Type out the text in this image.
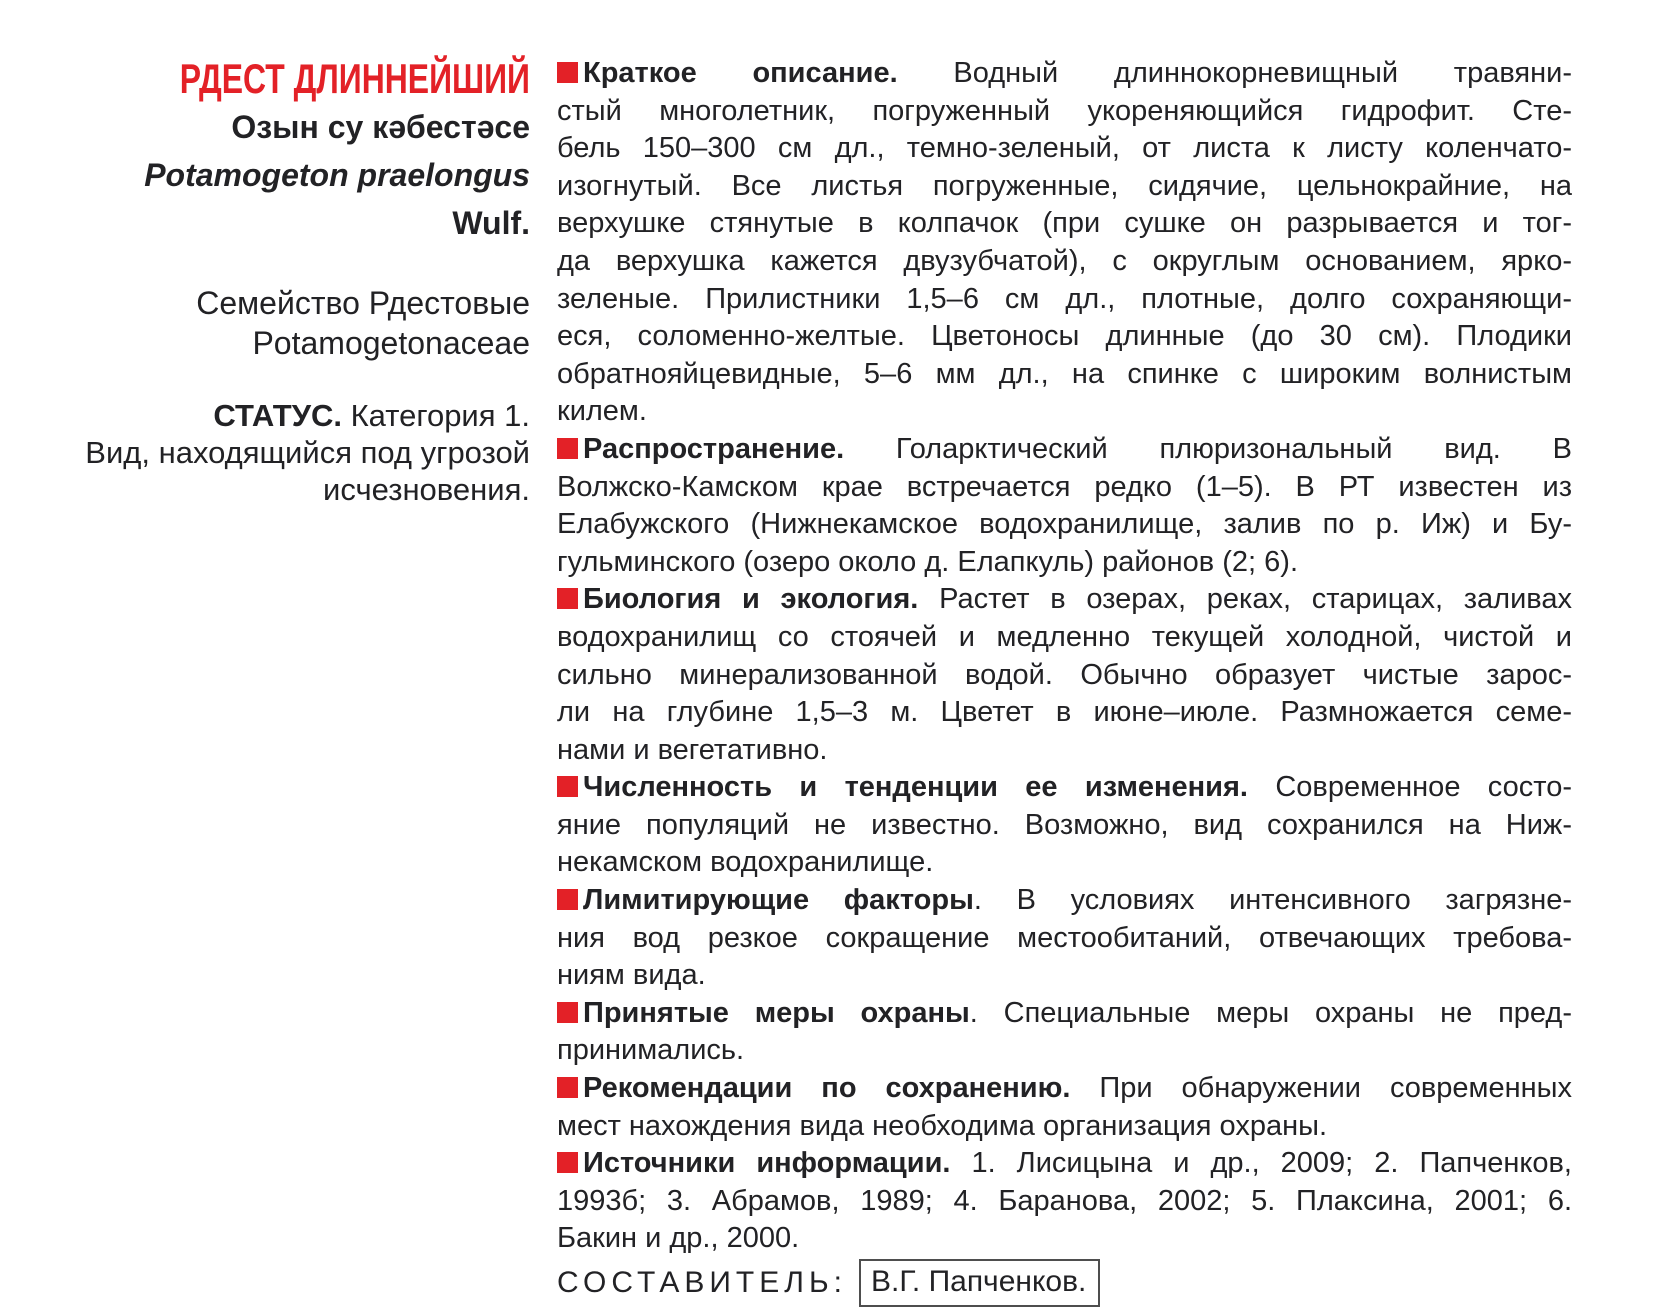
РДЕСТ ДЛИННЕЙШИЙ
Озын су кәбестәсе
Potamogeton praelongus
Wulf.
Семейство Рдестовые
Potamogetonaceae
СТАТУС. Категория 1.
Вид, находящийся под угрозой исчезновения.
Краткое описание. Водный длиннокорневищный травяни-
стый многолетник, погруженный укореняющийся гидрофит. Сте-
бель 150–300 см дл., темно-зеленый, от листа к листу коленчато-
изогнутый. Все листья погруженные, сидячие, цельнокрайние, на
верхушке стянутые в колпачок (при сушке он разрывается и тог-
да верхушка кажется двузубчатой), с округлым основанием, ярко-
зеленые. Прилистники 1,5–6 см дл., плотные, долго сохраняющи-
еся, соломенно-желтые. Цветоносы длинные (до 30 см). Плодики
обратнояйцевидные, 5–6 мм дл., на спинке с широким волнистым
килем.
Распространение. Голарктический плюризональный вид. В
Волжско-Камском крае встречается редко (1–5). В РТ известен из
Елабужского (Нижнекамское водохранилище, залив по р. Иж) и Бу-
гульминского (озеро около д. Елапкуль) районов (2; 6).
Биология и экология. Растет в озерах, реках, старицах, заливах
водохранилищ со стоячей и медленно текущей холодной, чистой и
сильно минерализованной водой. Обычно образует чистые зарос-
ли на глубине 1,5–3 м. Цветет в июне–июле. Размножается семе-
нами и вегетативно.
Численность и тенденции ее изменения. Современное состо-
яние популяций не известно. Возможно, вид сохранился на Ниж-
некамском водохранилище.
Лимитирующие факторы. В условиях интенсивного загрязне-
ния вод резкое сокращение местообитаний, отвечающих требова-
ниям вида.
Принятые меры охраны. Специальные меры охраны не пред-
принимались.
Рекомендации по сохранению. При обнаружении современных
мест нахождения вида необходима организация охраны.
Источники информации. 1. Лисицына и др., 2009; 2. Папченков,
1993б; 3. Абрамов, 1989; 4. Баранова, 2002; 5. Плаксина, 2001; 6.
Бакин и др., 2000.
СОСТАВИТЕЛЬ: В.Г. Папченков.
